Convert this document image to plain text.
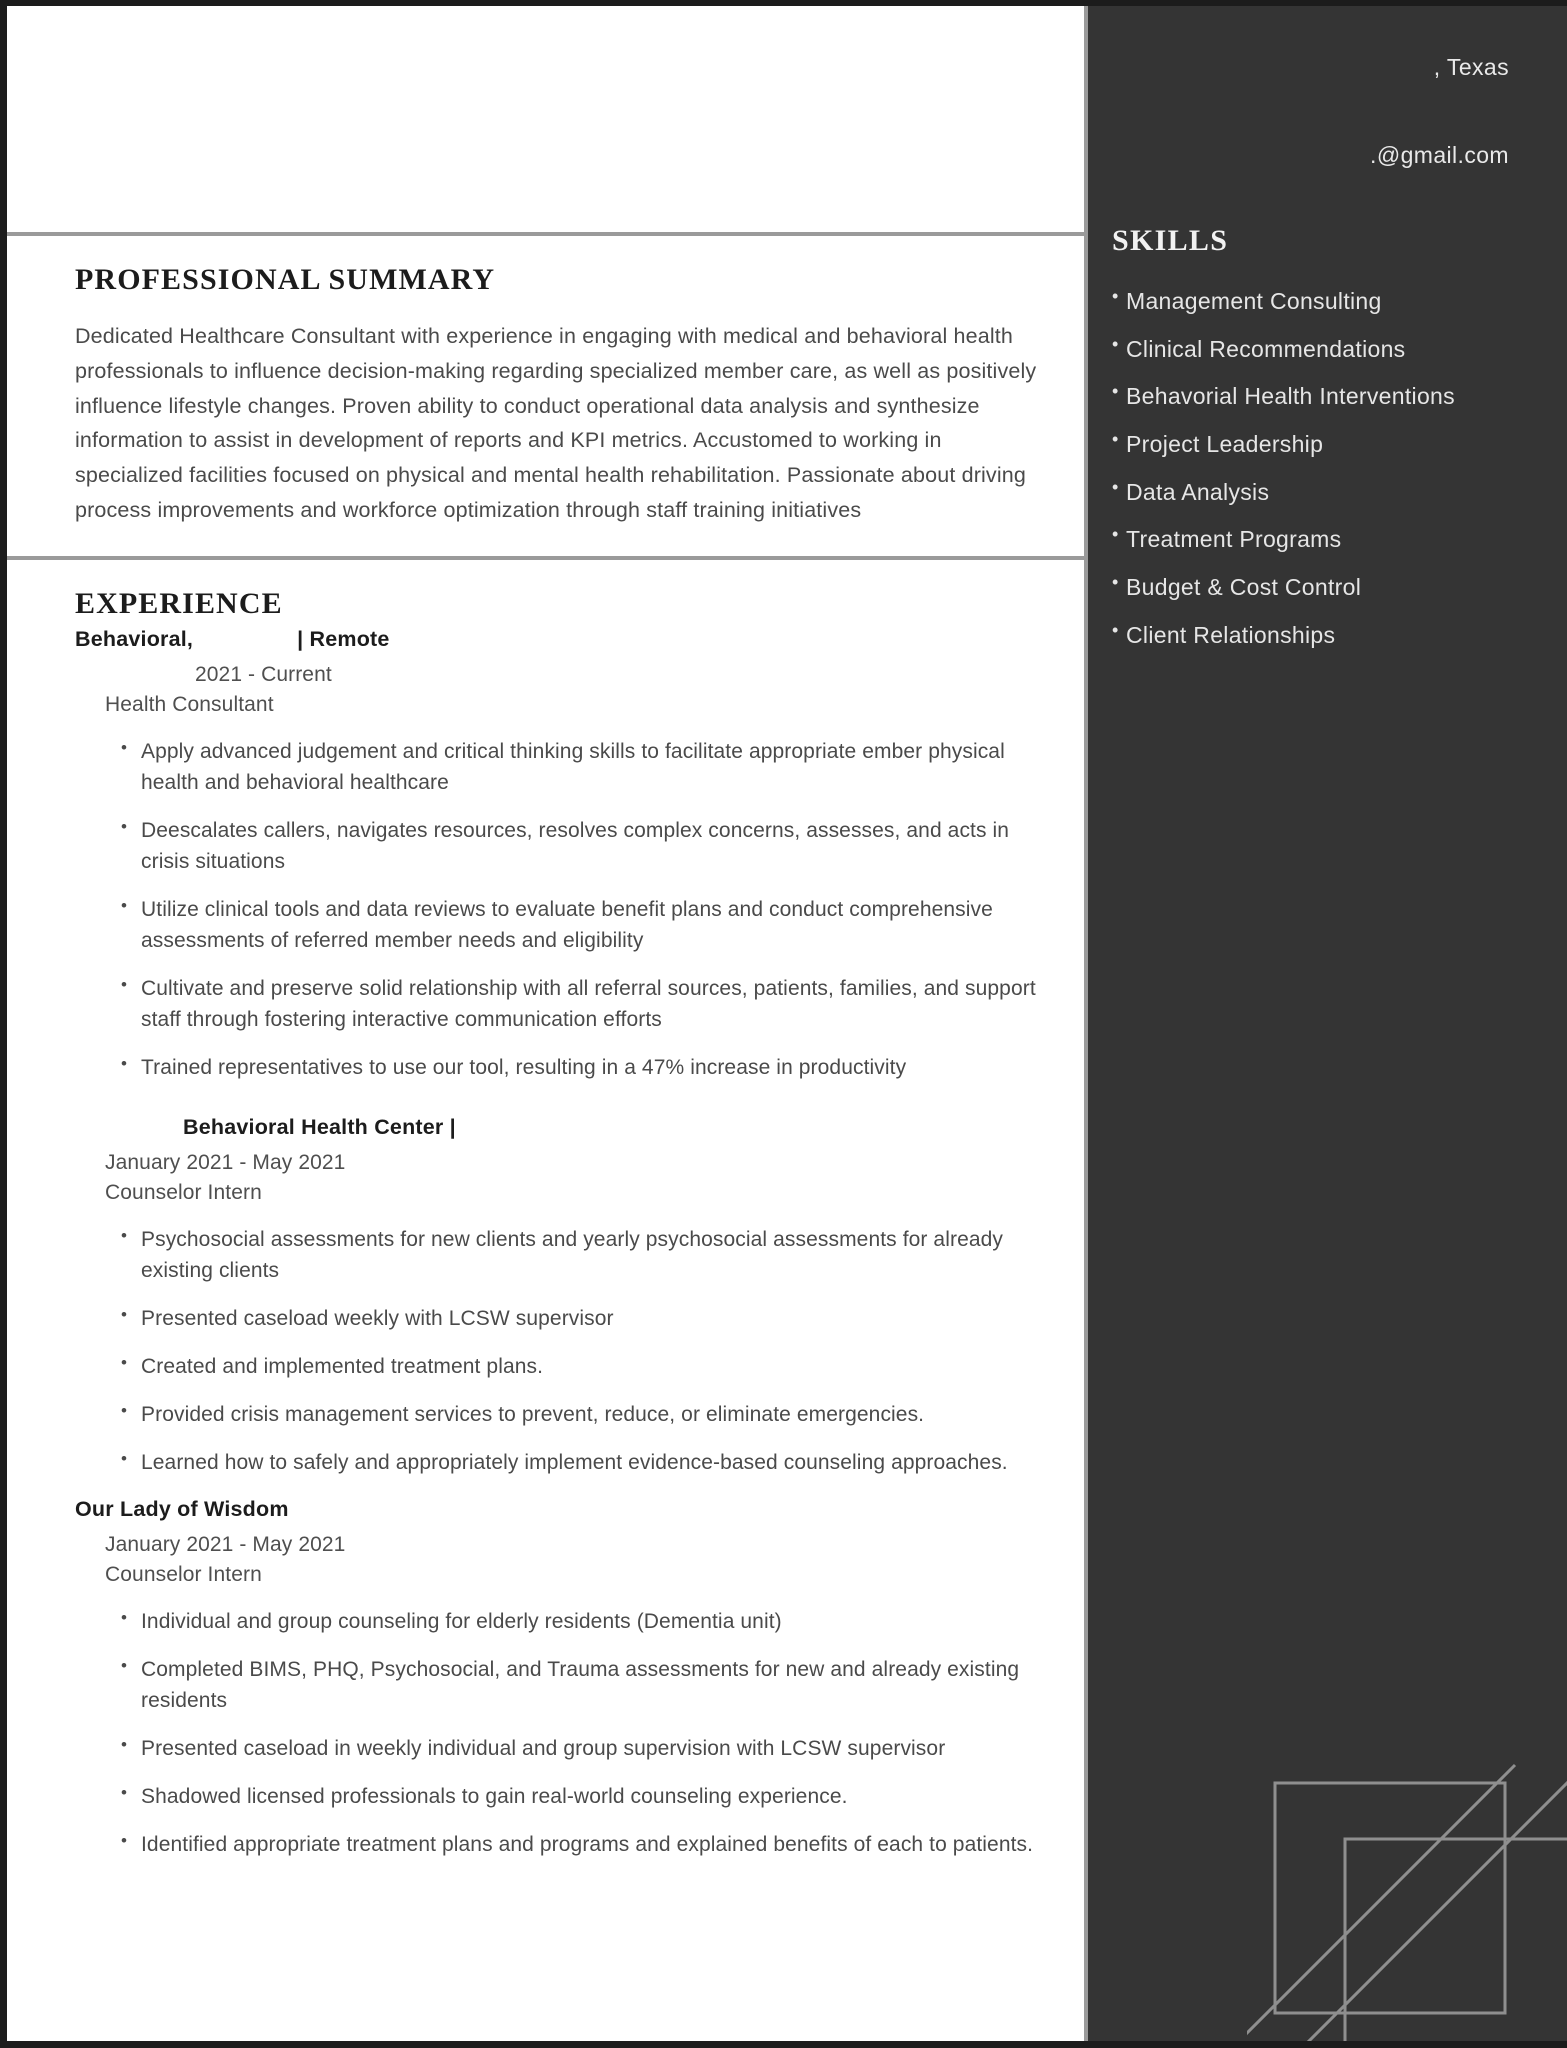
PROFESSIONAL SUMMARY

Dedicated Healthcare Consultant with experience in engaging with medical and behavioral health professionals to influence decision-making regarding specialized member care, as well as positively influence lifestyle changes. Proven ability to conduct operational data analysis and synthesize information to assist in development of reports and KPI metrics. Accustomed to working in specialized facilities focused on physical and mental health rehabilitation. Passionate about driving process improvements and workforce optimization through staff training initiatives

EXPERIENCE
Behavioral,	| Remote
2021 - Current
Health Consultant
• Apply advanced judgement and critical thinking skills to facilitate appropriate ember physical health and behavioral healthcare
• Deescalates callers, navigates resources, resolves complex concerns, assesses, and acts in crisis situations
• Utilize clinical tools and data reviews to evaluate benefit plans and conduct comprehensive assessments of referred member needs and eligibility
• Cultivate and preserve solid relationship with all referral sources, patients, families, and support staff through fostering interactive communication efforts
• Trained representatives to use our tool, resulting in a 47% increase in productivity
Behavioral Health Center |
January 2021 - May 2021
Counselor Intern
• Psychosocial assessments for new clients and yearly psychosocial assessments for already existing clients
• Presented caseload weekly with LCSW supervisor
• Created and implemented treatment plans.
• Provided crisis management services to prevent, reduce, or eliminate emergencies.
• Learned how to safely and appropriately implement evidence-based counseling approaches.
Our Lady of Wisdom
January 2021 - May 2021
Counselor Intern
• Individual and group counseling for elderly residents (Dementia unit)
• Completed BIMS, PHQ, Psychosocial, and Trauma assessments for new and already existing residents
• Presented caseload in weekly individual and group supervision with LCSW supervisor
• Shadowed licensed professionals to gain real-world counseling experience.
• Identified appropriate treatment plans and programs and explained benefits of each to patients.
, Texas
.@gmail.com
SKILLS
• Management Consulting
• Clinical Recommendations
• Behavorial Health Interventions
• Project Leadership
• Data Analysis
• Treatment Programs
• Budget & Cost Control
• Client Relationships
